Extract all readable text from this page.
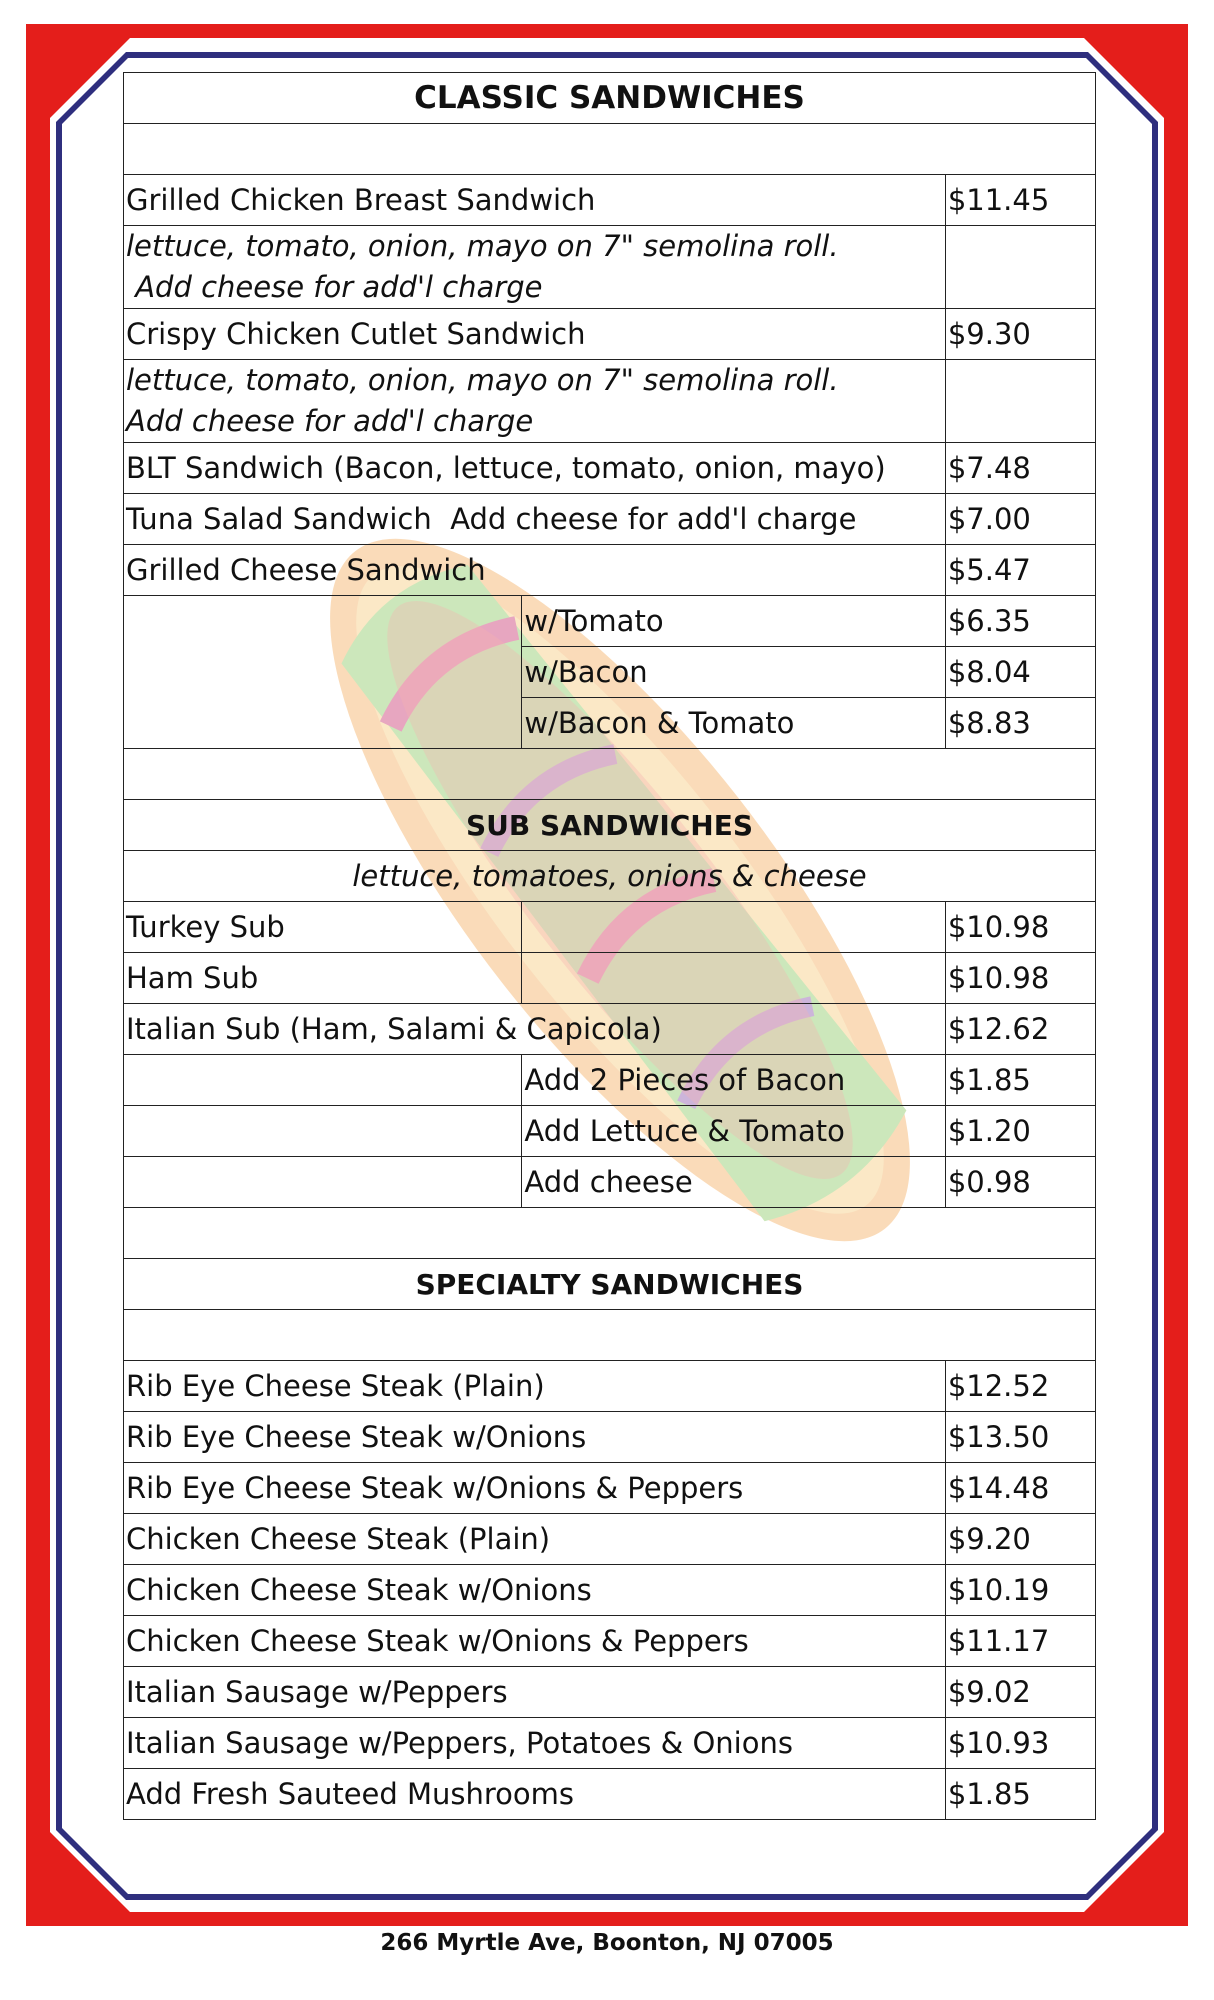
CLASSIC SANDWICHES		

Grilled Chicken Breast Sandwich		$11.45

lettuce, tomato, onion, mayo on 7" semolina roll.
Add cheese for add'l charge		

Crispy Chicken Cutlet Sandwich		$9.30

lettuce, tomato, onion, mayo on 7" semolina roll.
Add cheese for add'l charge		

BLT Sandwich (Bacon, lettuce, tomato, onion, mayo)		$7.48
Tuna Salad Sandwich  Add cheese for add'l charge		$7.00
Grilled Cheese Sandwich		$5.47
	w/Tomato	$6.35
	w/Bacon	$8.04
	w/Bacon & Tomato	$8.83

SUB SANDWICHES		
lettuce, tomatoes, onions & cheese		
Turkey Sub		$10.98
Ham Sub		$10.98
Italian Sub (Ham, Salami & Capicola)		$12.62
	Add 2 Pieces of Bacon	$1.85
	Add Lettuce & Tomato	$1.20
	Add cheese	$0.98

SPECIALTY SANDWICHES		

Rib Eye Cheese Steak (Plain)		$12.52
Rib Eye Cheese Steak w/Onions		$13.50
Rib Eye Cheese Steak w/Onions & Peppers		$14.48
Chicken Cheese Steak (Plain)		$9.20
Chicken Cheese Steak w/Onions		$10.19
Chicken Cheese Steak w/Onions & Peppers		$11.17
Italian Sausage w/Peppers		$9.02
Italian Sausage w/Peppers, Potatoes & Onions		$10.93
Add Fresh Sauteed Mushrooms		$1.85
266 Myrtle Ave, Boonton, NJ 07005
